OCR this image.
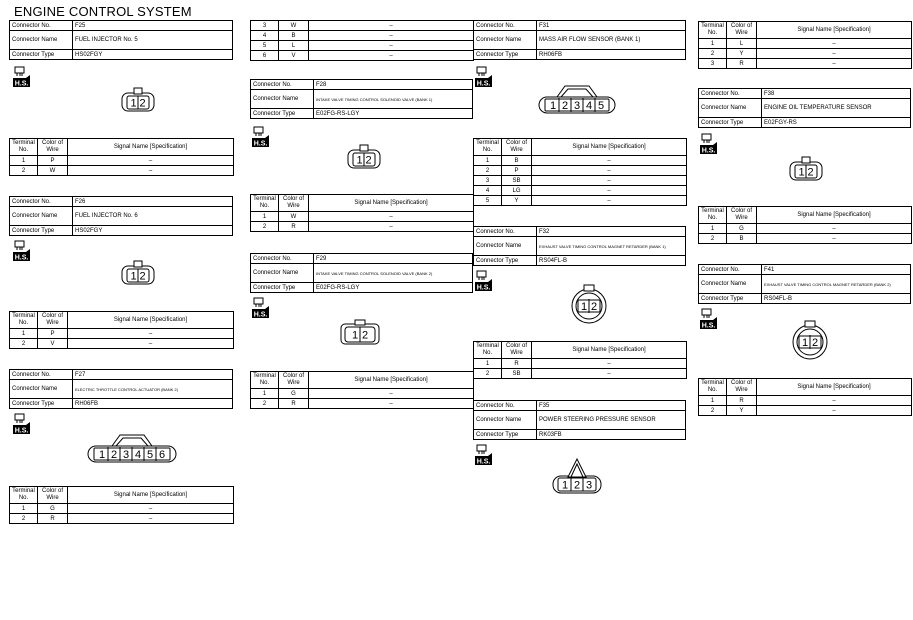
ENGINE CONTROL SYSTEM
Connector No.	F25
Connector Name	FUEL INJECTOR No. 5
Connector Type	HS02FGY
H.S.
1 2
Terminal No.	Color of Wire	Signal Name [Specification]
1	P	–
2	W	–
Connector No.	F26
Connector Name	FUEL INJECTOR No. 6
Connector Type	HS02FGY
H.S.
1 2
Terminal No.	Color of Wire	Signal Name [Specification]
1	P	–
2	V	–
Connector No.	F27
Connector Name	ELECTRIC THROTTLE CONTROL ACTUATOR (BANK 2)
Connector Type	RH06FB
H.S.
1 2 3 4 5 6
Terminal No.	Color of Wire	Signal Name [Specification]
1	G	–
2	R	–
3	W	–
4	B	–
5	L	–
6	V	–
Connector No.	F28
Connector Name	INTAKE VALVE TIMING CONTROL SOLENOID VALVE (BANK 1)
Connector Type	E02FG-RS-LGY
H.S.
1 2
Terminal No.	Color of Wire	Signal Name [Specification]
1	W	–
2	R	–
Connector No.	F29
Connector Name	INTAKE VALVE TIMING CONTROL SOLENOID VALVE (BANK 2)
Connector Type	E02FG-RS-LGY
H.S.
1 2
Terminal No.	Color of Wire	Signal Name [Specification]
1	G	–
2	R	–
Connector No.	F31
Connector Name	MASS AIR FLOW SENSOR (BANK 1)
Connector Type	RH06FB
H.S.
1 2 3 4 5
Terminal No.	Color of Wire	Signal Name [Specification]
1	B	–
2	P	–
3	SB	–
4	LG	–
5	Y	–
Connector No.	F32
Connector Name	EXHAUST VALVE TIMING CONTROL MAGNET RETARDER (BANK 1)
Connector Type	RS04FL-B
H.S.
1 2
Terminal No.	Color of Wire	Signal Name [Specification]
1	R	–
2	SB	–
Connector No.	F35
Connector Name	POWER STEERING PRESSURE SENSOR
Connector Type	RK03FB
H.S.
1 2 3
Terminal No.	Color of Wire	Signal Name [Specification]
1	L	–
2	Y	–
3	R	–
Connector No.	F38
Connector Name	ENGINE OIL TEMPERATURE SENSOR
Connector Type	E02FGY-RS
H.S.
1 2
Terminal No.	Color of Wire	Signal Name [Specification]
1	G	–
2	B	–
Connector No.	F41
Connector Name	EXHAUST VALVE TIMING CONTROL MAGNET RETARDER (BANK 2)
Connector Type	RS04FL-B
H.S.
1 2
Terminal No.	Color of Wire	Signal Name [Specification]
1	R	–
2	Y	–
